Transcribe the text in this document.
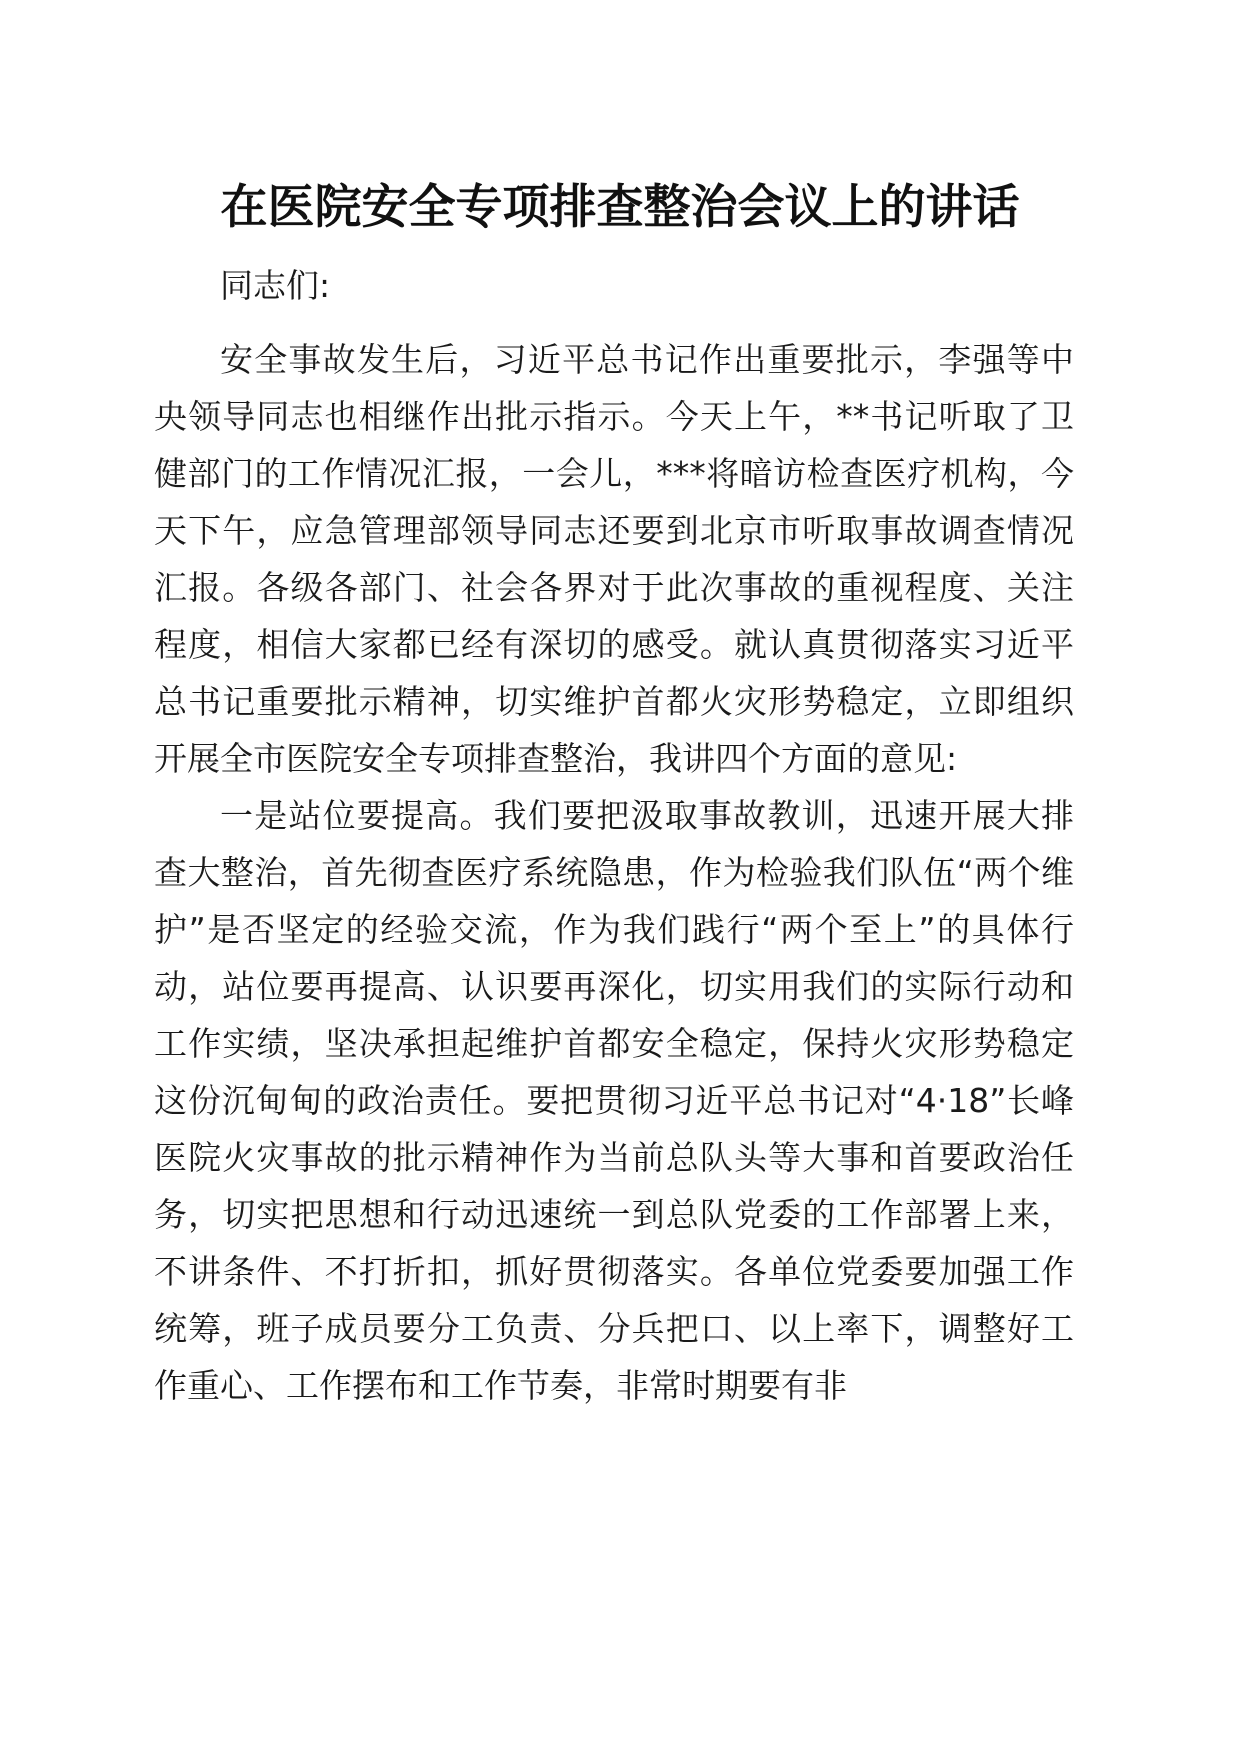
在医院安全专项排查整治会议上的讲话

同志们:

安全事故发生后，习近平总书记作出重要批示，李强等中央领导同志也相继作出批示指示。今天上午，**书记听取了卫健部门的工作情况汇报，一会儿，***将暗访检查医疗机构，今天下午，应急管理部领导同志还要到北京市听取事故调查情况汇报。各级各部门、社会各界对于此次事故的重视程度、关注程度，相信大家都已经有深切的感受。就认真贯彻落实习近平总书记重要批示精神，切实维护首都火灾形势稳定，立即组织开展全市医院安全专项排查整治，我讲四个方面的意见:

一是站位要提高。我们要把汲取事故教训，迅速开展大排查大整治，首先彻查医疗系统隐患，作为检验我们队伍“两个维护”是否坚定的经验交流，作为我们践行“两个至上”的具体行动，站位要再提高、认识要再深化，切实用我们的实际行动和工作实绩，坚决承担起维护首都安全稳定，保持火灾形势稳定这份沉甸甸的政治责任。要把贯彻习近平总书记对“4·18”长峰医院火灾事故的批示精神作为当前总队头等大事和首要政治任务，切实把思想和行动迅速统一到总队党委的工作部署上来，不讲条件、不打折扣，抓好贯彻落实。各单位党委要加强工作统筹，班子成员要分工负责、分兵把口、以上率下，调整好工作重心、工作摆布和工作节奏，非常时期要有非
